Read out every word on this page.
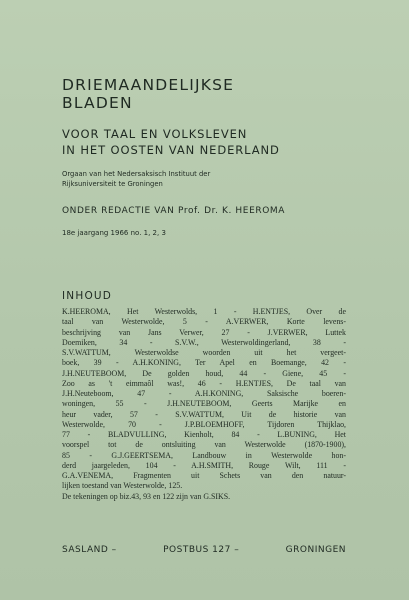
DRIEMAANDELIJKSE
BLADEN
VOOR TAAL EN VOLKSLEVEN
IN HET OOSTEN VAN NEDERLAND

Orgaan van het Nedersaksisch Instituut der
Rijksuniversiteit te Groningen

ONDER REDACTIE VAN Prof. Dr. K. HEEROMA

18e jaargang 1966 no. 1, 2, 3

INHOUD

K.HEEROMA, Het Westerwolds, 1 - H.ENTJES, Over de
taal van Westerwolde, 5 - A.VERWER, Korte levens-
beschrijving van Jans Verwer, 27 - J.VERWER, Luttek
Doemiken, 34 - S.V.W., Westerwoldingerland, 38 -
S.V.WATTUM, Westerwoldse woorden uit het vergeet-
boek, 39 - A.H.KONING, Ter Apel en Boemange, 42 -
J.H.NEUTEBOOM, De golden houd, 44 - Giene, 45 -
Zoo as 't eimmaôl was!, 46 - H.ENTJES, De taal van
J.H.Neuteboom, 47 - A.H.KONING, Saksische boeren-
woningen, 55 - J.H.NEUTEBOOM, Geerts Marijke en
heur vader, 57 - S.V.WATTUM, Uit de historie van
Westerwolde, 70 - J.P.BLOEMHOFF, Tijdoren Thijklao,
77 - BLADVULLING, Kienholt, 84 - L.BUNING, Het
voorspel tot de ontsluiting van Westerwolde (1870-1900),
85 - G.J.GEERTSEMA, Landbouw in Westerwolde hon-
derd jaargeleden, 104 - A.H.SMITH, Rouge Wilt, 111 -
G.A.VENEMA, Fragmenten uit Schets van den natuur-
lijken toestand van Westerwolde, 125.
De tekeningen op biz.43, 93 en 122 zijn van G.SIKS.

SASLAND –	POSTBUS 127 –	GRONINGEN
